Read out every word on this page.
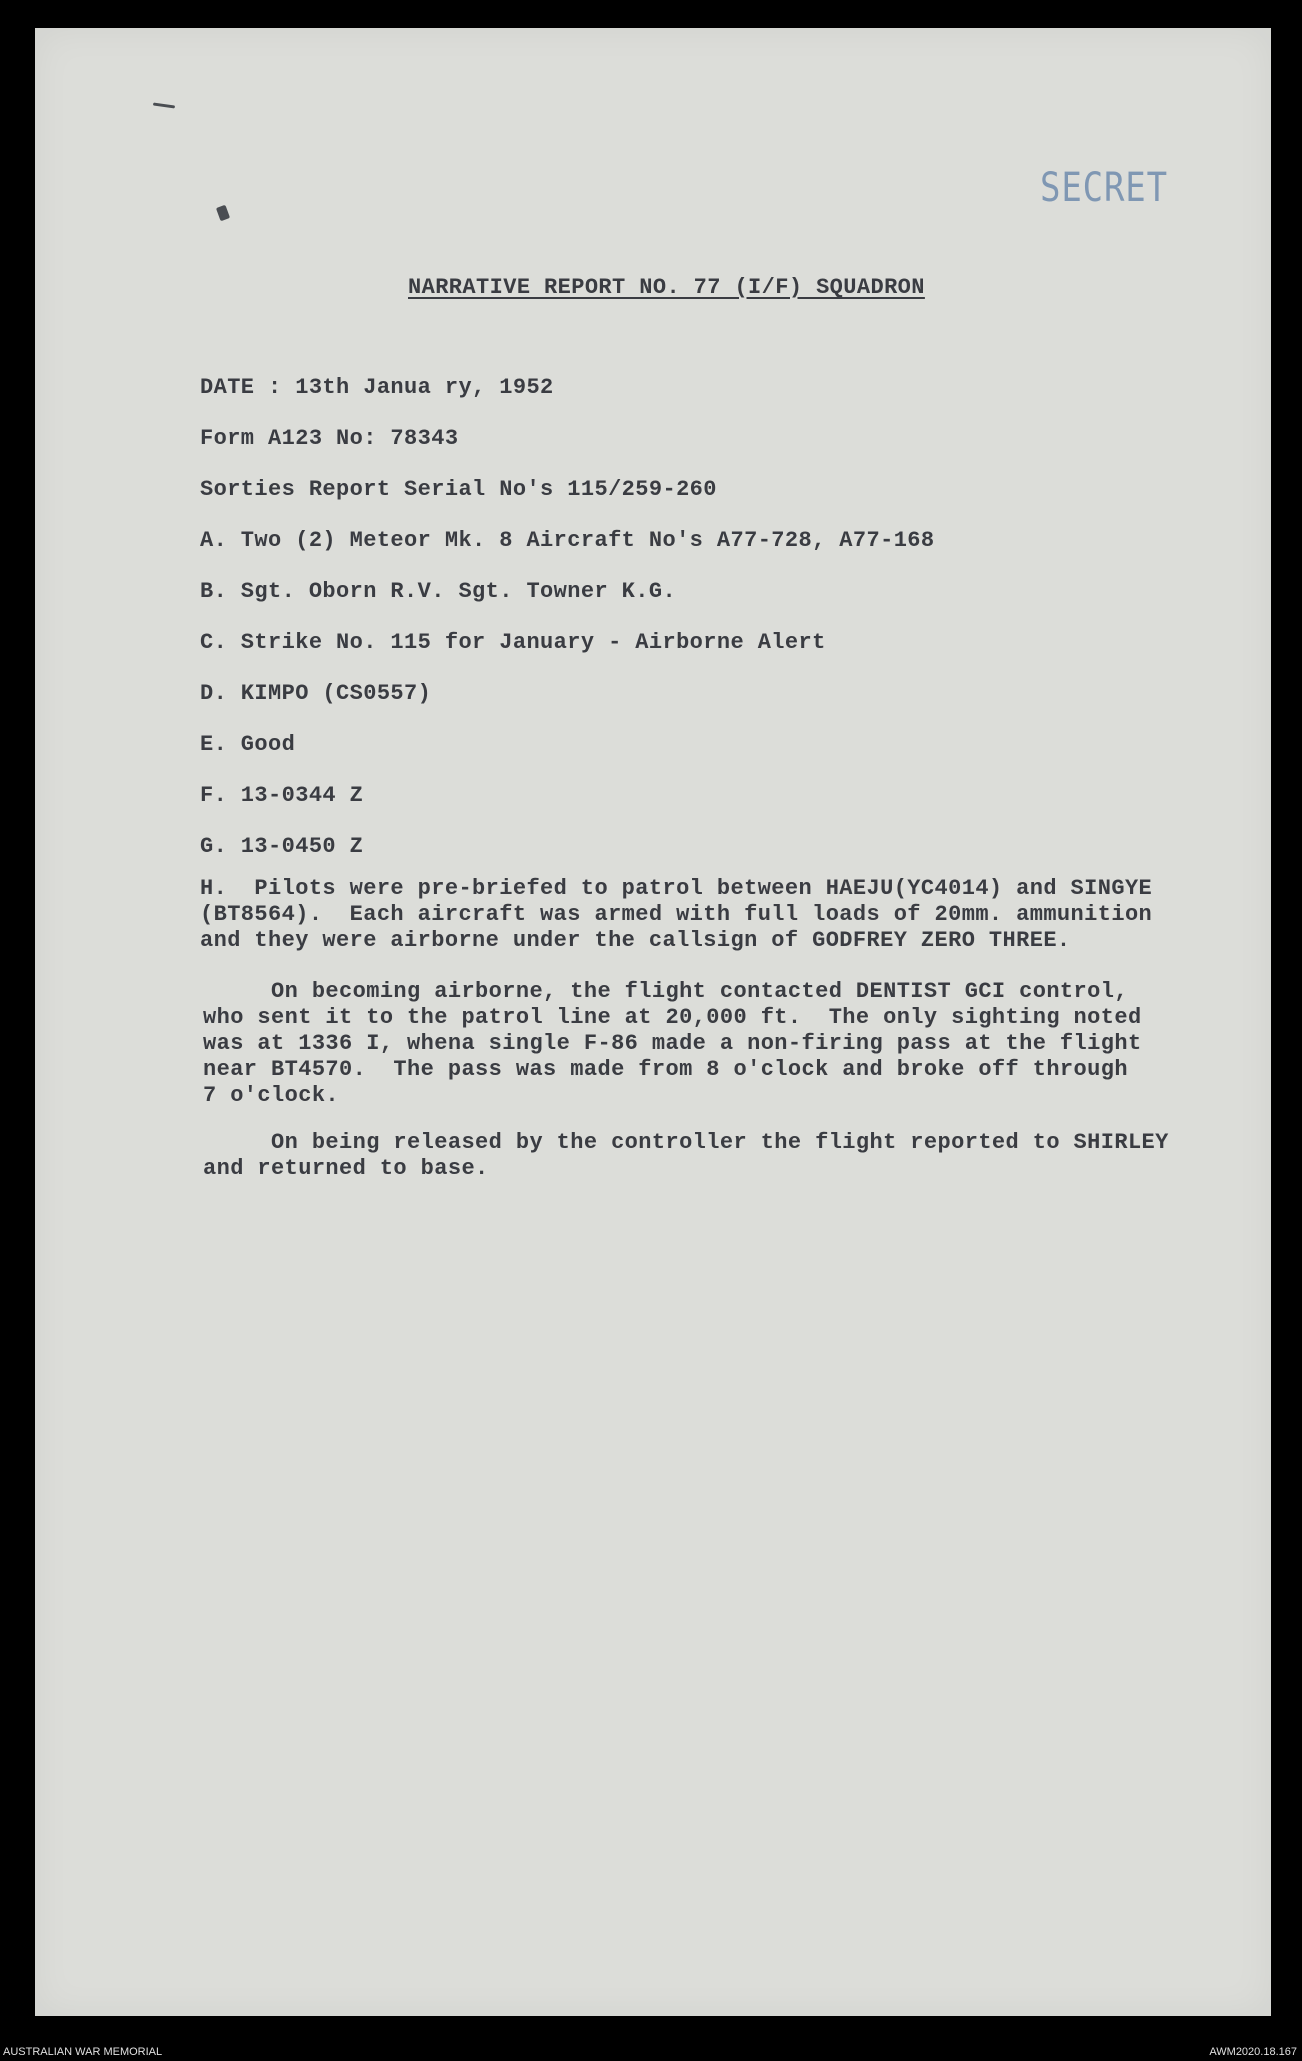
SECRET
NARRATIVE REPORT NO. 77 (I/F) SQUADRON
DATE : 13th Janua ry, 1952
Form A123 No: 78343
Sorties Report Serial No's 115/259-260
A. Two (2) Meteor Mk. 8 Aircraft No's A77-728, A77-168
B. Sgt. Oborn R.V. Sgt. Towner K.G.
C. Strike No. 115 for January - Airborne Alert
D. KIMPO (CS0557)
E. Good
F. 13-0344 Z
G. 13-0450 Z
H.  Pilots were pre-briefed to patrol between HAEJU(YC4014) and SINGYE
(BT8564).  Each aircraft was armed with full loads of 20mm. ammunition
and they were airborne under the callsign of GODFREY ZERO THREE.
On becoming airborne, the flight contacted DENTIST GCI control,
who sent it to the patrol line at 20,000 ft.  The only sighting noted
was at 1336 I, whena single F-86 made a non-firing pass at the flight
near BT4570.  The pass was made from 8 o'clock and broke off through
7 o'clock.
On being released by the controller the flight reported to SHIRLEY
and returned to base.
AUSTRALIAN WAR MEMORIAL	AWM2020.18.167
